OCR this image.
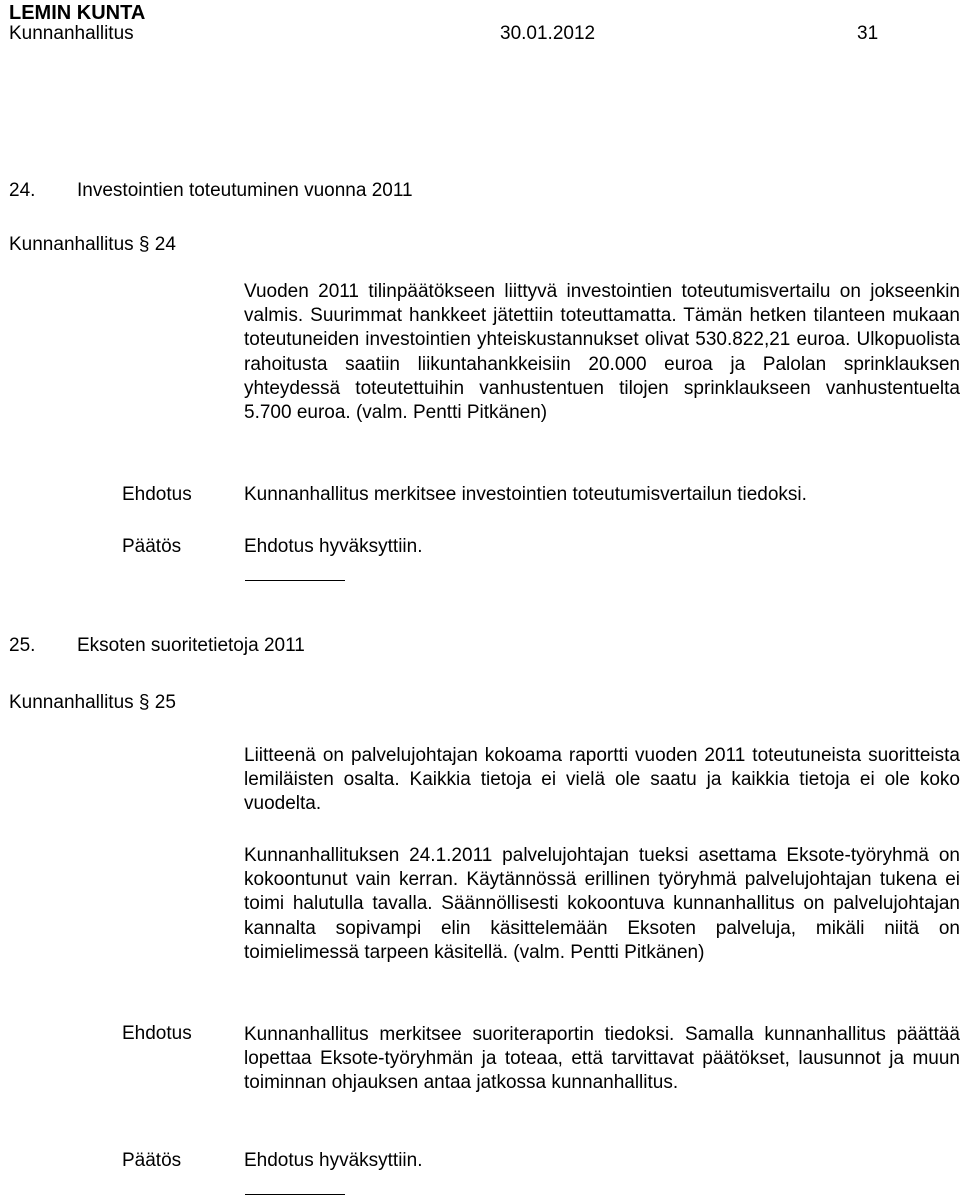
LEMIN KUNTA
Kunnanhallitus	30.01.2012	31
24. Investointien toteutuminen vuonna 2011
Kunnanhallitus § 24

Vuoden 2011 tilinpäätökseen liittyvä investointien toteutumisvertailu on jokseenkin valmis. Suurimmat hankkeet jätettiin toteuttamatta. Tämän hetken tilanteen mukaan toteutuneiden investointien yhteiskustannukset olivat 530.822,21 euroa. Ulkopuolista rahoitusta saatiin liikuntahankkeisiin 20.000 euroa ja Palolan sprinklauksen yhteydessä toteutettuihin vanhustentuen tilojen sprinklaukseen vanhustentuelta 5.700 euroa. (valm. Pentti Pitkänen)

Ehdotus	Kunnanhallitus merkitsee investointien toteutumisvertailun tiedoksi.
Päätös	Ehdotus hyväksyttiin.
25. Eksoten suoritetietoja 2011
Kunnanhallitus § 25

Liitteenä on palvelujohtajan kokoama raportti vuoden 2011 toteutuneista suoritteista lemiläisten osalta. Kaikkia tietoja ei vielä ole saatu ja kaikkia tietoja ei ole koko vuodelta.

Kunnanhallituksen 24.1.2011 palvelujohtajan tueksi asettama Eksote-työryhmä on kokoontunut vain kerran. Käytännössä erillinen työryhmä palvelujohtajan tukena ei toimi halutulla tavalla. Säännöllisesti kokoontuva kunnanhallitus on palvelujohtajan kannalta sopivampi elin käsittelemään Eksoten palveluja, mikäli niitä on toimielimessä tarpeen käsitellä. (valm. Pentti Pitkänen)

Ehdotus	Kunnanhallitus merkitsee suoriteraportin tiedoksi. Samalla kunnanhallitus päättää lopettaa Eksote-työryhmän ja toteaa, että tarvittavat päätökset, lausunnot ja muun toiminnan ohjauksen antaa jatkossa kunnanhallitus.

Päätös	Ehdotus hyväksyttiin.
